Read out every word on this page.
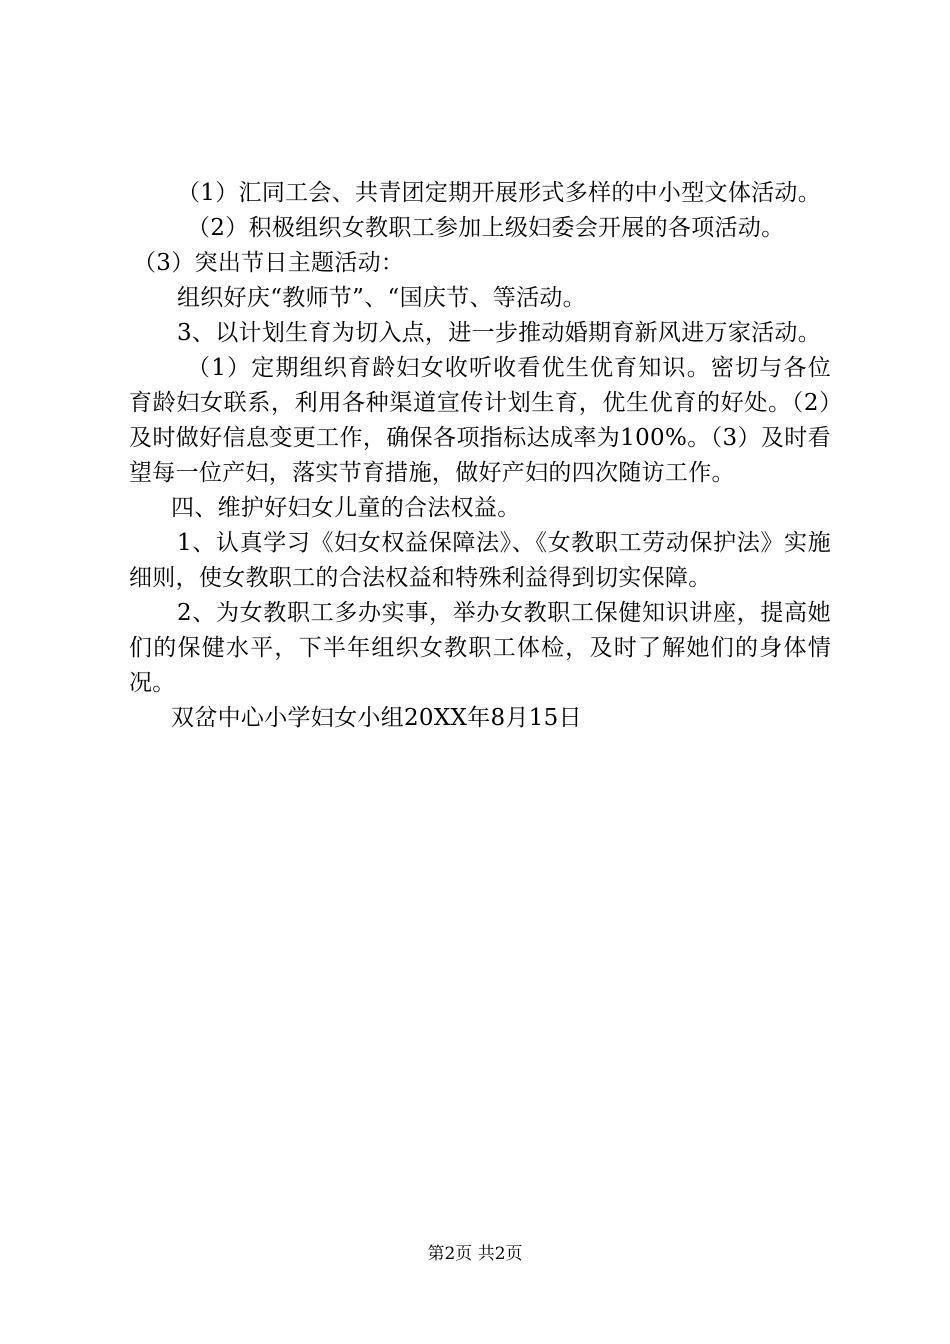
（1）汇同工会、共青团定期开展形式多样的中小型文体活动。

（2）积极组织女教职工参加上级妇委会开展的各项活动。

（3）突出节日主题活动：

组织好庆“教师节”、“国庆节、等活动。

3、以计划生育为切入点，进一步推动婚期育新风进万家活动。

（1）定期组织育龄妇女收听收看优生优育知识。密切与各位育龄妇女联系，利用各种渠道宣传计划生育，优生优育的好处。（2）及时做好信息变更工作，确保各项指标达成率为100%。（3）及时看望每一位产妇，落实节育措施，做好产妇的四次随访工作。

四、维护好妇女儿童的合法权益。

1、认真学习《妇女权益保障法》、《女教职工劳动保护法》实施细则，使女教职工的合法权益和特殊利益得到切实保障。

2、为女教职工多办实事，举办女教职工保健知识讲座，提高她们的保健水平，下半年组织女教职工体检，及时了解她们的身体情况。

双岔中心小学妇女小组20XX年8月15日

第2页 共2页
